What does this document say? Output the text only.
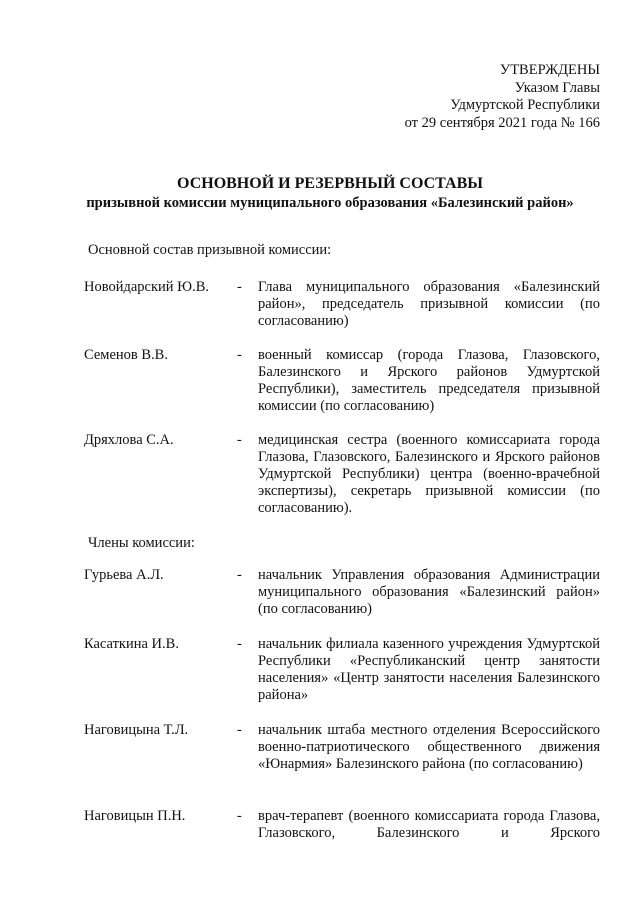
УТВЕРЖДЕНЫ
Указом Главы
Удмуртской Республики
от 29 сентября 2021 года № 166
ОСНОВНОЙ И РЕЗЕРВНЫЙ СОСТАВЫ
призывной комиссии муниципального образования «Балезинский район»
Основной состав призывной комиссии:
Новойдарский Ю.В. - Глава муниципального образования «Балезинский район», председатель призывной комиссии (по согласованию)
Семенов В.В.	- военный комиссар (города Глазова, Глазовского, Балезинского и Ярского районов Удмуртской Республики), заместитель председателя призывной комиссии (по согласованию)
Дряхлова С.А.	- медицинская сестра (военного комиссариата города Глазова, Глазовского, Балезинского и Ярского районов Удмуртской Республики) центра (военно-врачебной экспертизы), секретарь призывной комиссии (по согласованию).
Члены комиссии:
Гурьева А.Л.	- начальник Управления образования Администрации муниципального образования «Балезинский район» (по согласованию)
Касаткина И.В.	- начальник филиала казенного учреждения Удмуртской Республики «Республиканский центр занятости населения» «Центр занятости населения Балезинского района»
Наговицына Т.Л.	- начальник штаба местного отделения Всероссийского военно-патриотического общественного движения «Юнармия» Балезинского района (по согласованию)
Наговицын П.Н.	- врач-терапевт (военного комиссариата города Глазова, Глазовского, Балезинского и Ярского
